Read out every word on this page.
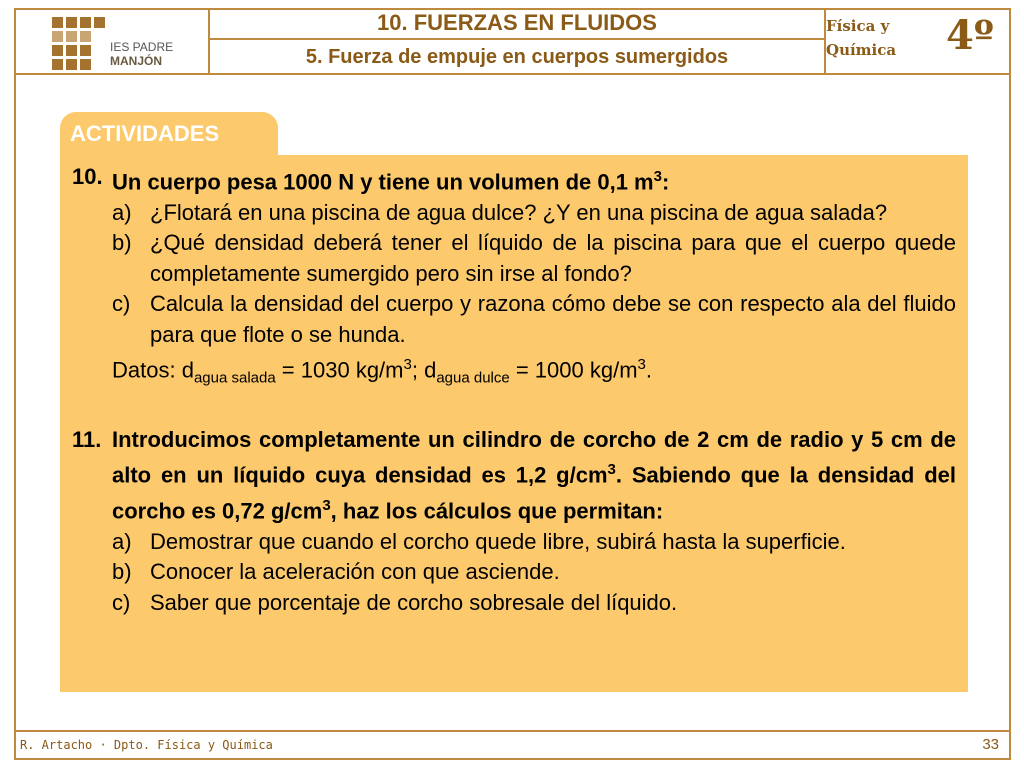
IES PADRE
MANJÓN
10. FUERZAS EN FLUIDOS
5. Fuerza de empuje en cuerpos sumergidos
Física y
Química 4º
ACTIVIDADES
10. Un cuerpo pesa 1000 N y tiene un volumen de 0,1 $m^3$:
a) ¿Flotará en una piscina de agua dulce? ¿Y en una piscina de agua salada?
b) ¿Qué densidad deberá tener el líquido de la piscina para que el cuerpo quede completamente sumergido pero sin irse al fondo?
c) Calcula la densidad del cuerpo y razona cómo debe se con respecto ala del fluido para que flote o se hunda.
Datos: $d_{agua salada} = 1030$ $kg/m^3$; $d_{agua dulce} = 1000$ $kg/m^3$.
11. Introducimos completamente un cilindro de corcho de 2 cm de radio y 5 cm de alto en un líquido cuya densidad es 1,2 $g/cm^3$. Sabiendo que la densidad del corcho es 0,72 $g/cm^3$, haz los cálculos que permitan:
a) Demostrar que cuando el corcho quede libre, subirá hasta la superficie.
b) Conocer la aceleración con que asciende.
c) Saber que porcentaje de corcho sobresale del líquido.
R. Artacho · Dpto. Física y Química	33
